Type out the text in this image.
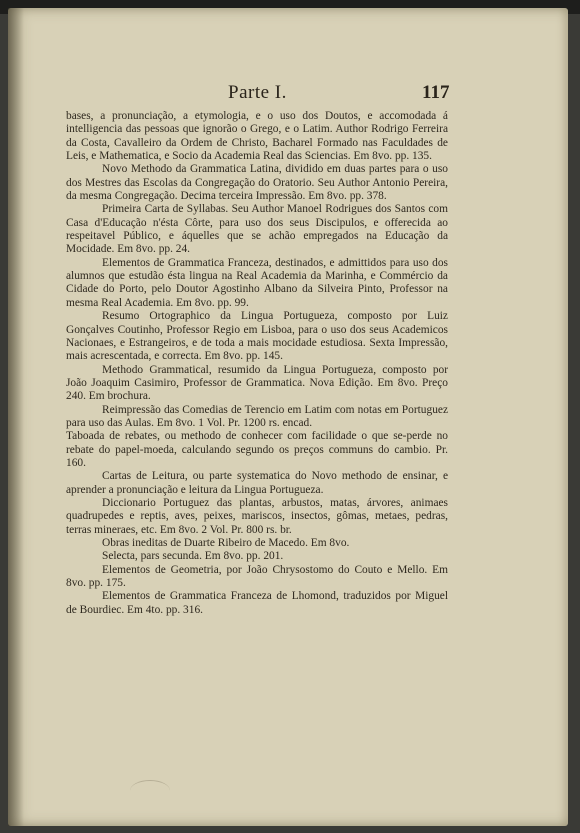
Parte I.	117

bases, a pronunciação, a etymologia, e o uso dos Doutos, e accomodada á intelligencia das pessoas que ignorão o Grego, e o Latim. Author Rodrigo Ferreira da Costa, Cavalleiro da Ordem de Christo, Bacharel Formado nas Faculdades de Leis, e Mathematica, e Socio da Academia Real das Sciencias. Em 8vo. pp. 135.

Novo Methodo da Grammatica Latina, dividido em duas partes para o uso dos Mestres das Escolas da Congregação do Oratorio. Seu Author Antonio Pereira, da mesma Congregação. Decima terceira Impressão. Em 8vo. pp. 378.

Primeira Carta de Syllabas. Seu Author Manoel Rodrigues dos Santos com Casa d'Educação n'ésta Côrte, para uso dos seus Discipulos, e offerecida ao respeitavel Público, e áquelles que se achão empregados na Educação da Mocidade. Em 8vo. pp. 24.

Elementos de Grammatica Franceza, destinados, e admittidos para uso dos alumnos que estudão ésta lingua na Real Academia da Marinha, e Commércio da Cidade do Porto, pelo Doutor Agostinho Albano da Silveira Pinto, Professor na mesma Real Academia. Em 8vo. pp. 99.

Resumo Ortographico da Lingua Portugueza, composto por Luiz Gonçalves Coutinho, Professor Regio em Lisboa, para o uso dos seus Academicos Nacionaes, e Estrangeiros, e de toda a mais mocidade estudiosa. Sexta Impressão, mais acrescentada, e correcta. Em 8vo. pp. 145.

Methodo Grammatical, resumido da Lingua Portugueza, composto por João Joaquim Casimiro, Professor de Grammatica. Nova Edição. Em 8vo. Preço 240. Em brochura.

Reimpressão das Comedias de Terencio em Latim com notas em Portuguez para uso das Aulas. Em 8vo. 1 Vol. Pr. 1200 rs. encad.

Taboada de rebates, ou methodo de conhecer com facilidade o que se-perde no rebate do papel-moeda, calculando segundo os preços communs do cambio. Pr. 160.

Cartas de Leitura, ou parte systematica do Novo methodo de ensinar, e aprender a pronunciação e leitura da Lingua Portugueza.

Diccionario Portuguez das plantas, arbustos, matas, árvores, animaes quadrupedes e reptis, aves, peixes, mariscos, insectos, gômas, metaes, pedras, terras mineraes, etc. Em 8vo. 2 Vol. Pr. 800 rs. br.

Obras ineditas de Duarte Ribeiro de Macedo. Em 8vo.

Selecta, pars secunda. Em 8vo. pp. 201.

Elementos de Geometria, por João Chrysostomo do Couto e Mello. Em 8vo. pp. 175.

Elementos de Grammatica Franceza de Lhomond, traduzidos por Miguel de Bourdiec. Em 4to. pp. 316.
